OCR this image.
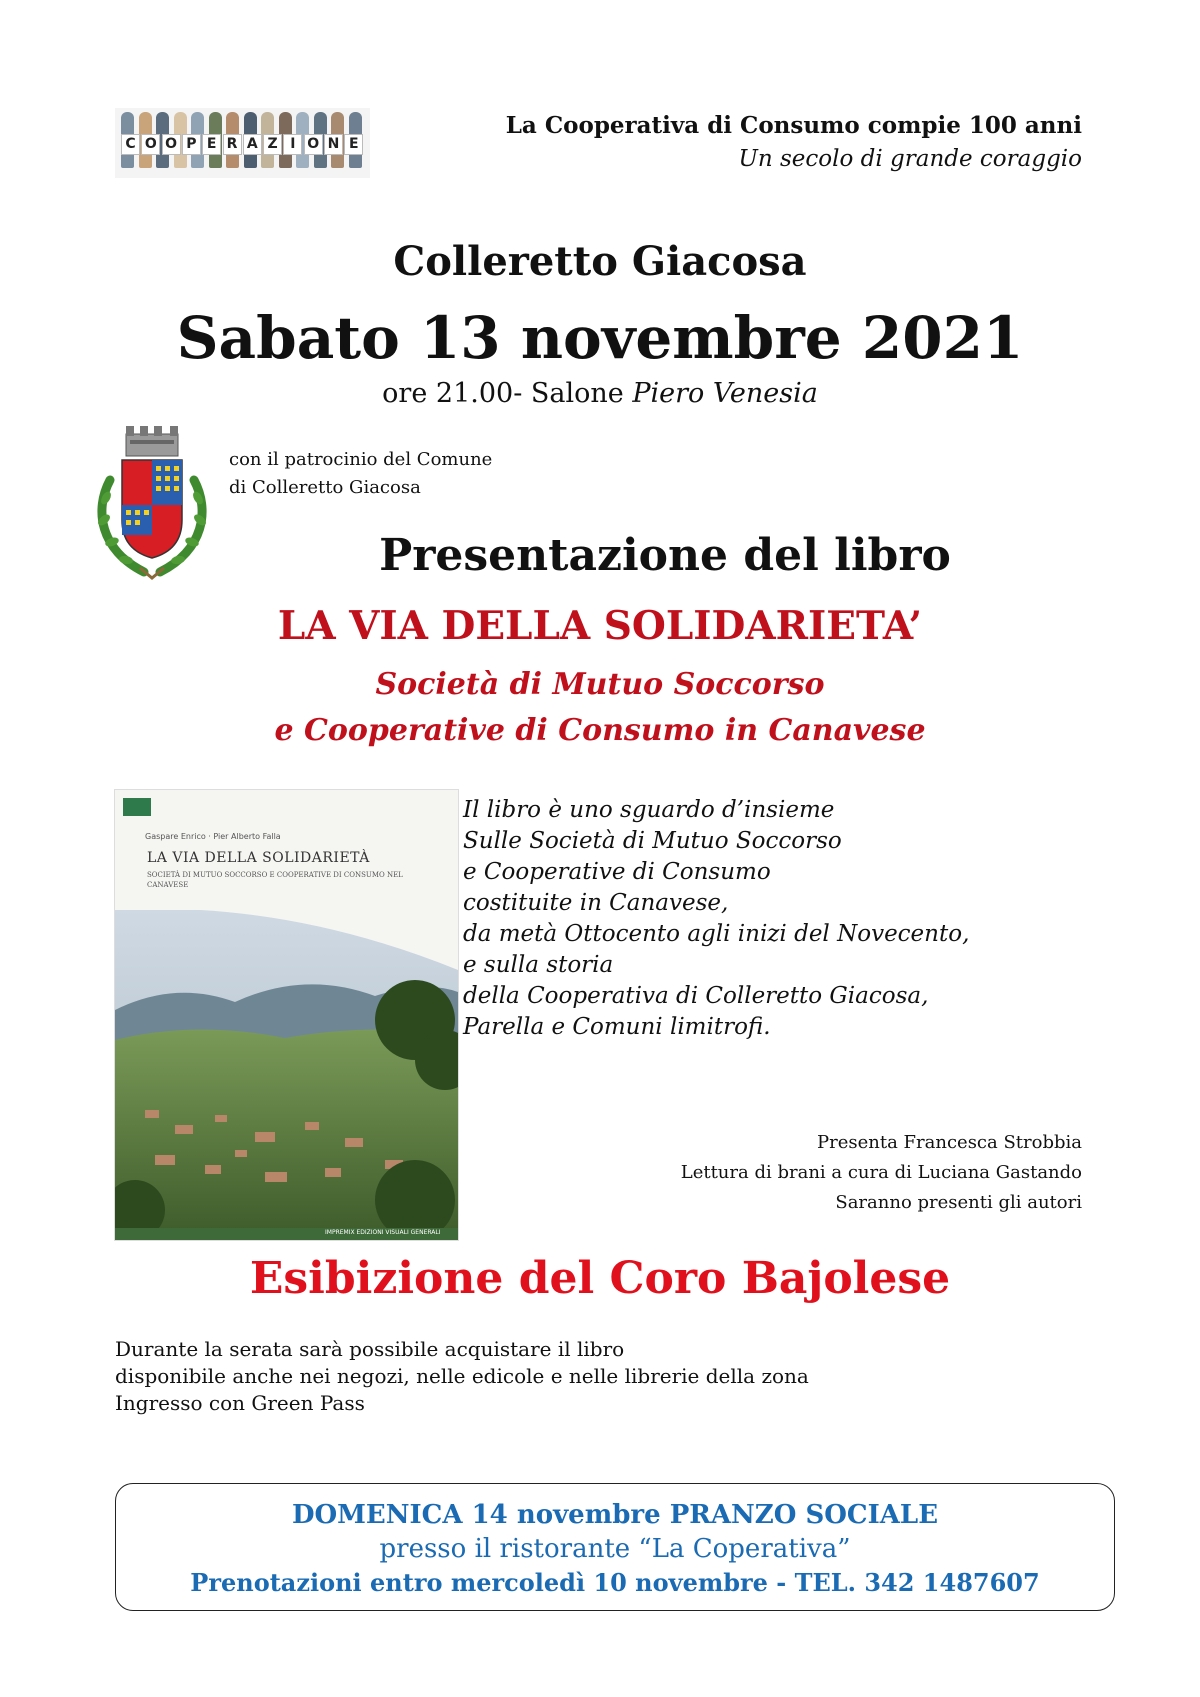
C O O P E R A Z I O N E
La Cooperativa di Consumo compie 100 anni
Un secolo di grande coraggio
Colleretto Giacosa
Sabato 13 novembre 2021
ore 21.00- Salone Piero Venesia
con il patrocinio del Comune
di Colleretto Giacosa
Presentazione del libro
LA VIA DELLA SOLIDARIETA’
Società di Mutuo Soccorso
e Cooperative di Consumo in Canavese
Gaspare Enrico · Pier Alberto Falla
LA VIA DELLA SOLIDARIETÀ
SOCIETÀ DI MUTUO SOCCORSO E COOPERATIVE DI CONSUMO NEL CANAVESE
IMPREMIX EDIZIONI VISUALI GENERALI
Il libro è uno sguardo d’insieme
Sulle Società di Mutuo Soccorso
e Cooperative di Consumo
costituite in Canavese,
da metà Ottocento agli inizi del Novecento,
e sulla storia
della Cooperativa di Colleretto Giacosa,
Parella e Comuni limitrofi.
Presenta Francesca Strobbia
Lettura di brani a cura di Luciana Gastando
Saranno presenti gli autori
Esibizione del Coro Bajolese
Durante la serata sarà possibile acquistare il libro
disponibile anche nei negozi, nelle edicole e nelle librerie della zona
Ingresso con Green Pass
DOMENICA 14 novembre PRANZO SOCIALE
presso il ristorante “La Coperativa”
Prenotazioni entro mercoledì 10 novembre - TEL. 342 1487607
